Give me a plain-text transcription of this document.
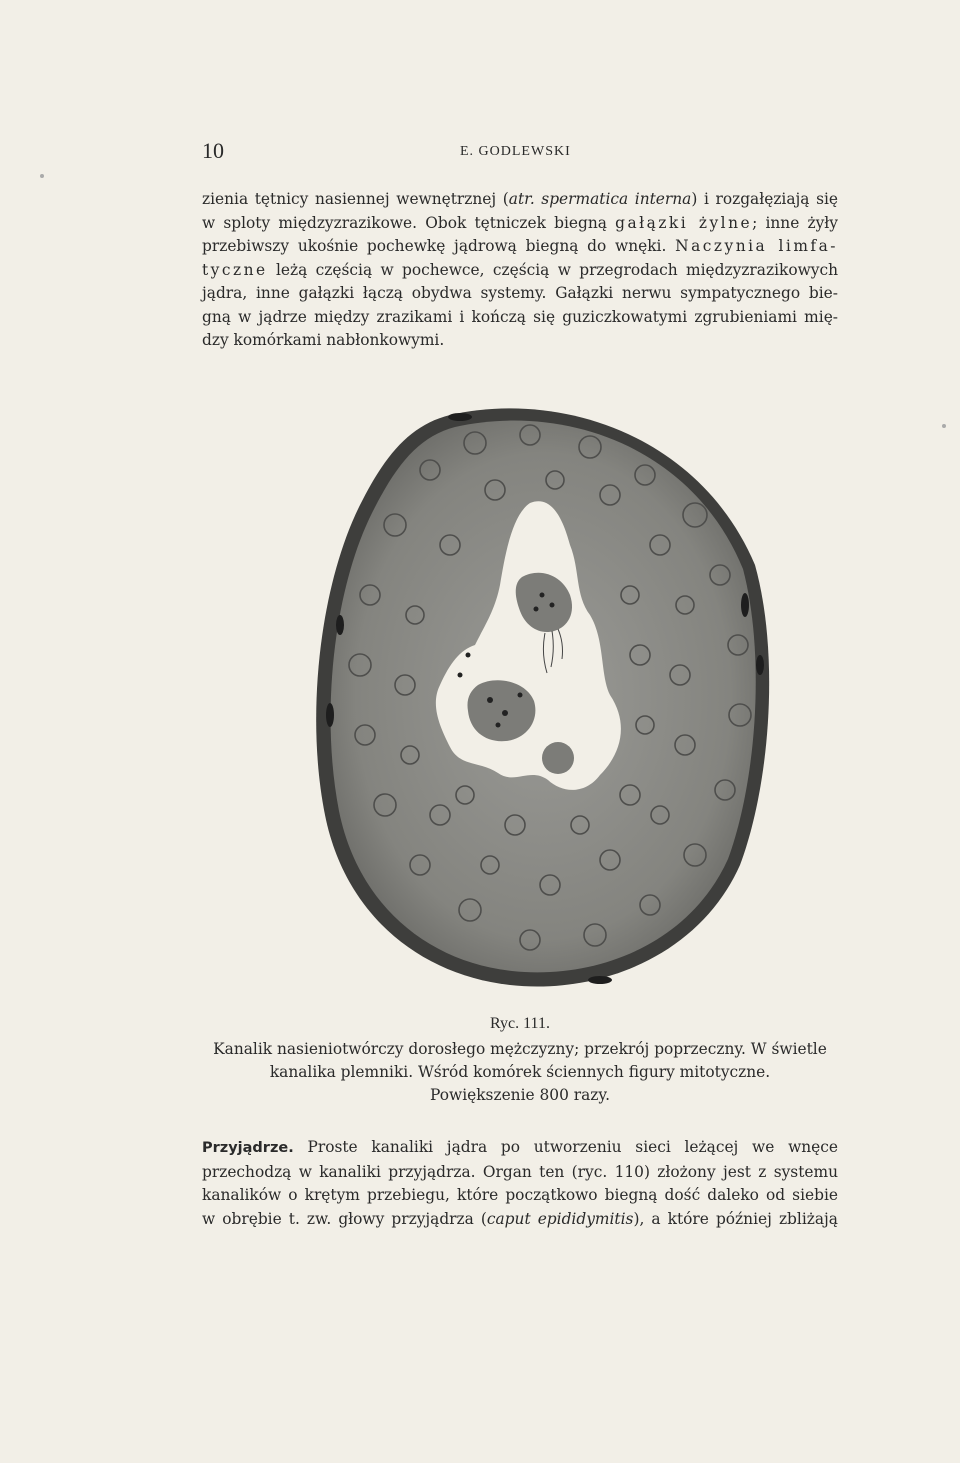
10	E. GODLEWSKI
zienia tętnicy nasiennej wewnętrznej (atr. spermatica interna) i rozgałęziają się
w sploty międzyzrazikowe. Obok tętniczek biegną gałązki żylne; inne żyły
przebiwszy ukośnie pochewkę jądrową biegną do wnęki. Naczynia limfa-
tyczne leżą częścią w pochewce, częścią w przegrodach międzyzrazikowych
jądra, inne gałązki łączą obydwa systemy. Gałązki nerwu sympatycznego bie-
gną w jądrze między zrazikami i kończą się guziczkowatymi zgrubieniami mię-
dzy komórkami nabłonkowymi.
Ryc. 111.
Kanalik nasieniotwórczy dorosłego mężczyzny; przekrój poprzeczny. W świetle
kanalika plemniki. Wśród komórek ściennych figury mitotyczne.
Powiększenie 800 razy.
Przyjądrze. Proste kanaliki jądra po utworzeniu sieci leżącej we wnęce
przechodzą w kanaliki przyjądrza. Organ ten (ryc. 110) złożony jest z systemu
kanalików o krętym przebiegu, które początkowo biegną dość daleko od siebie
w obrębie t. zw. głowy przyjądrza (caput epididymitis), a które później zbliżają
